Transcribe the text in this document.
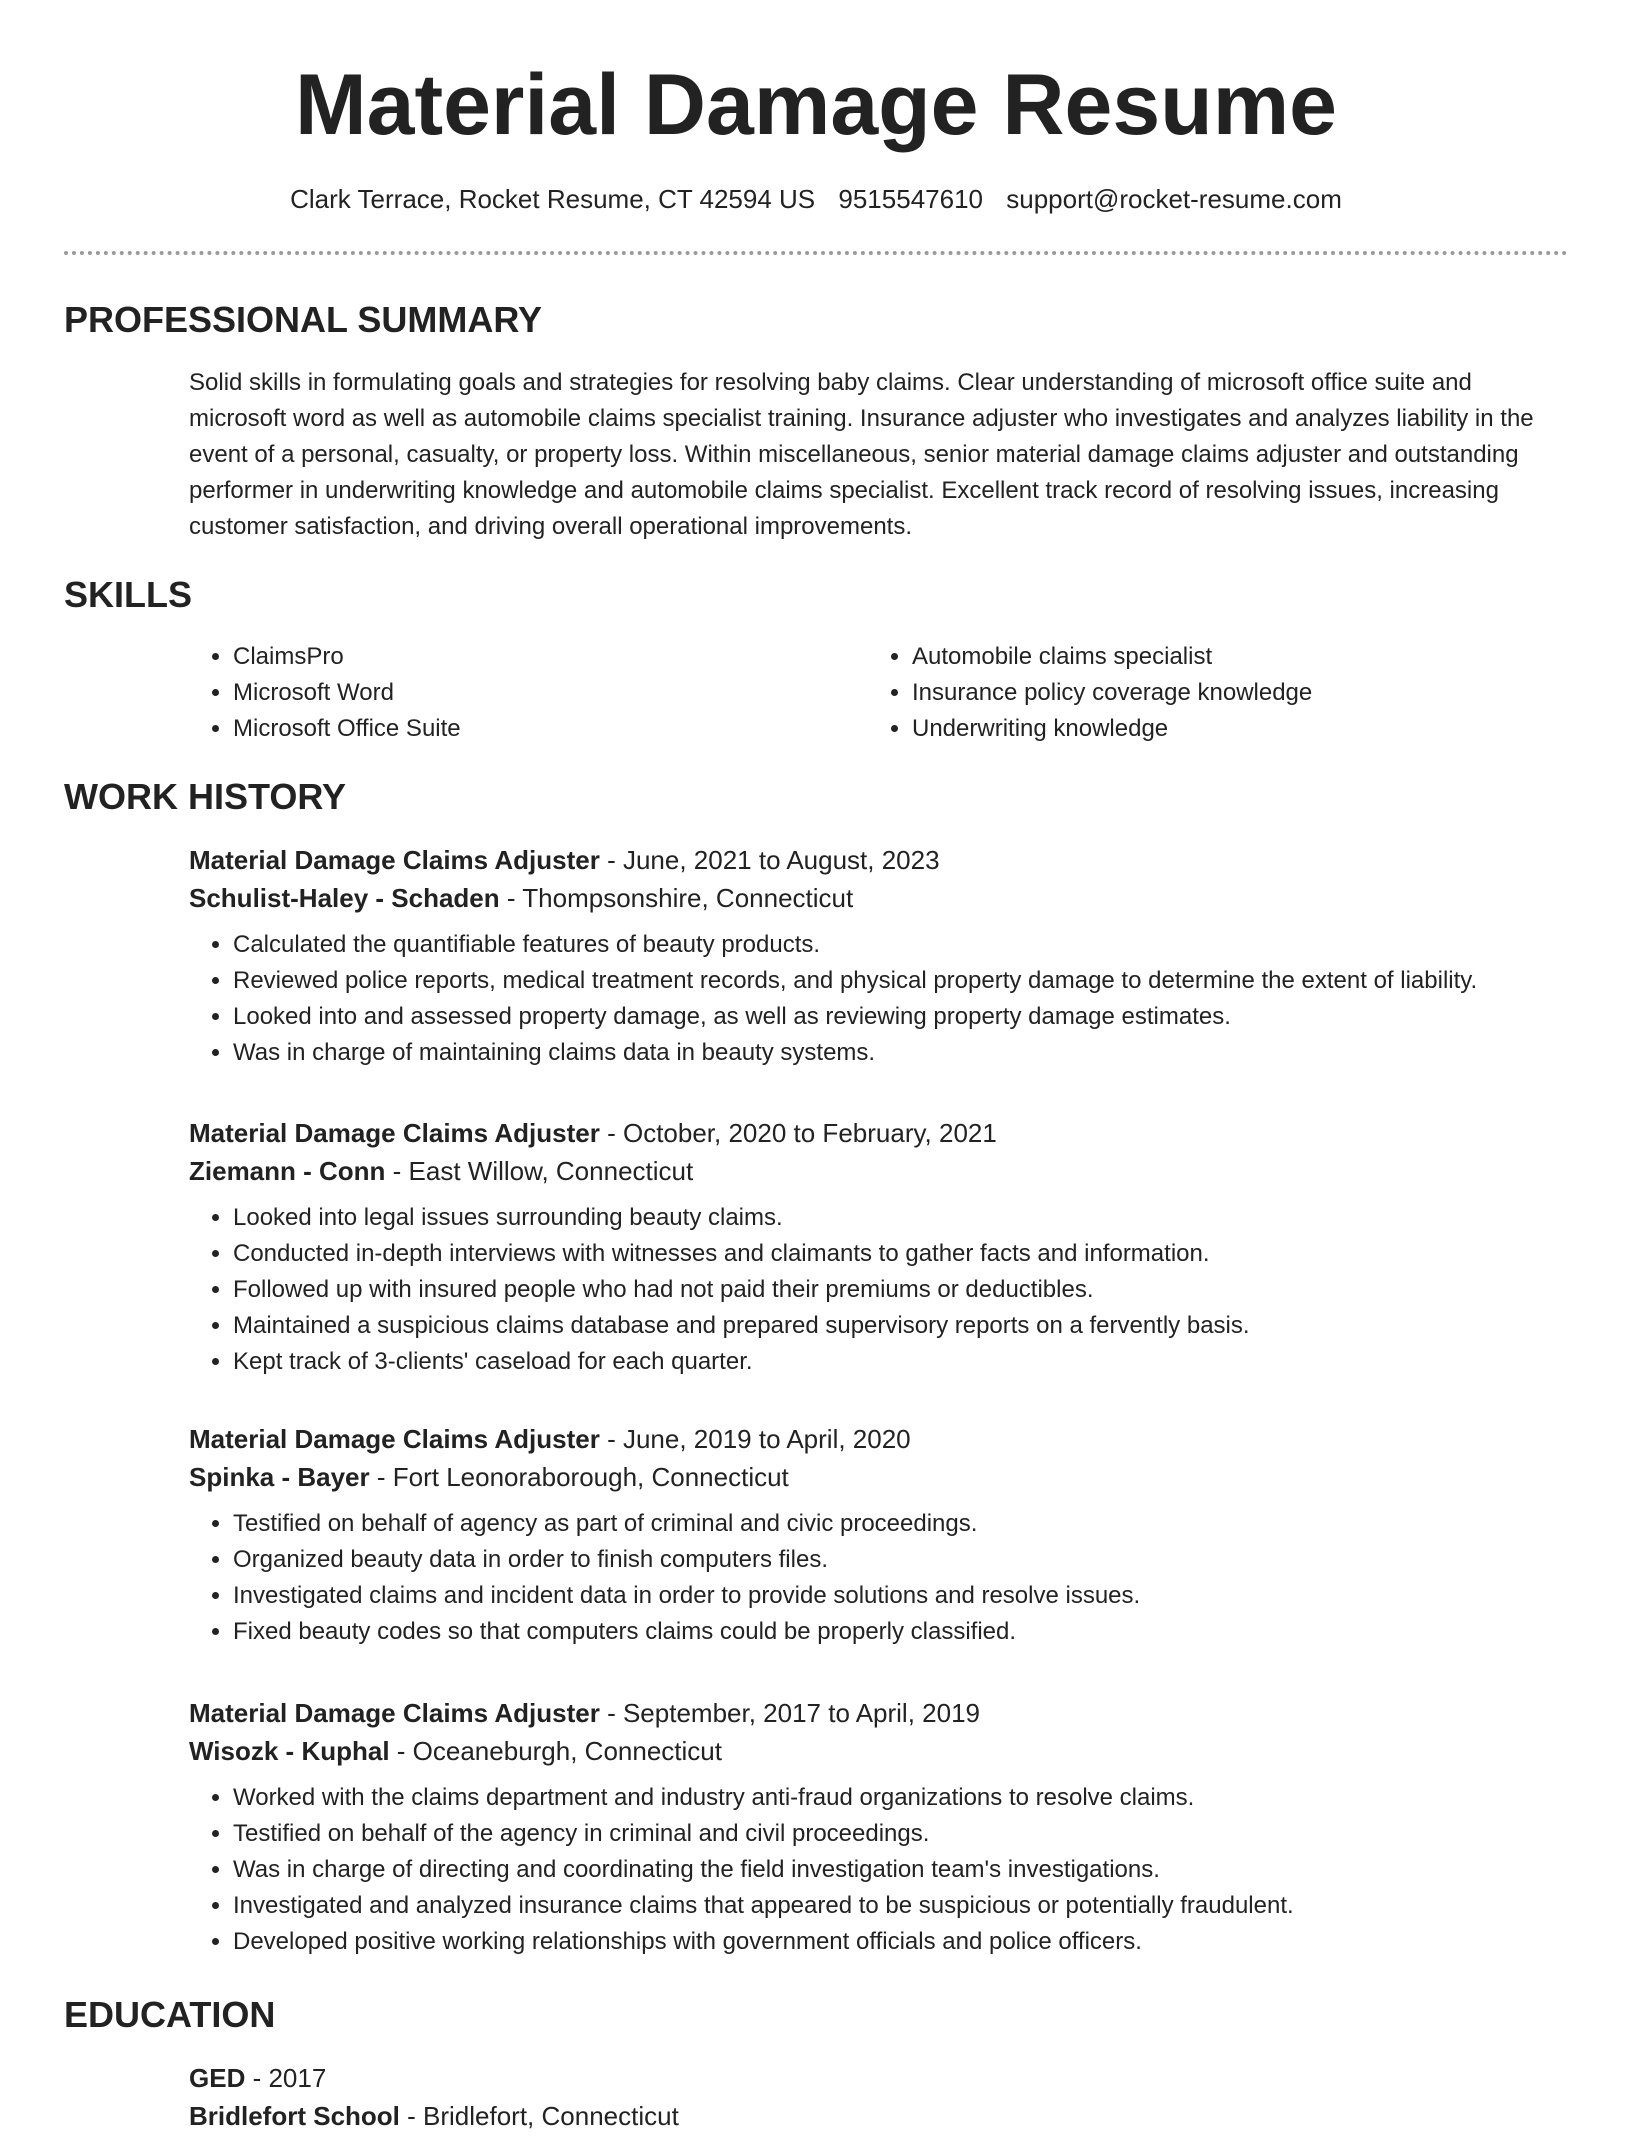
Material Damage Resume
Clark Terrace, Rocket Resume, CT 42594 US 9515547610 support@rocket-resume.com
PROFESSIONAL SUMMARY

Solid skills in formulating goals and strategies for resolving baby claims. Clear understanding of microsoft office suite and microsoft word as well as automobile claims specialist training. Insurance adjuster who investigates and analyzes liability in the event of a personal, casualty, or property loss. Within miscellaneous, senior material damage claims adjuster and outstanding performer in underwriting knowledge and automobile claims specialist. Excellent track record of resolving issues, increasing customer satisfaction, and driving overall operational improvements.

SKILLS
• ClaimsPro
• Microsoft Word
• Microsoft Office Suite
• Automobile claims specialist
• Insurance policy coverage knowledge
• Underwriting knowledge
WORK HISTORY
Material Damage Claims Adjuster - June, 2021 to August, 2023
Schulist-Haley - Schaden - Thompsonshire, Connecticut
• Calculated the quantifiable features of beauty products.
• Reviewed police reports, medical treatment records, and physical property damage to determine the extent of liability.
• Looked into and assessed property damage, as well as reviewing property damage estimates.
• Was in charge of maintaining claims data in beauty systems.
Material Damage Claims Adjuster - October, 2020 to February, 2021
Ziemann - Conn - East Willow, Connecticut
• Looked into legal issues surrounding beauty claims.
• Conducted in-depth interviews with witnesses and claimants to gather facts and information.
• Followed up with insured people who had not paid their premiums or deductibles.
• Maintained a suspicious claims database and prepared supervisory reports on a fervently basis.
• Kept track of 3-clients' caseload for each quarter.
Material Damage Claims Adjuster - June, 2019 to April, 2020
Spinka - Bayer - Fort Leonoraborough, Connecticut
• Testified on behalf of agency as part of criminal and civic proceedings.
• Organized beauty data in order to finish computers files.
• Investigated claims and incident data in order to provide solutions and resolve issues.
• Fixed beauty codes so that computers claims could be properly classified.
Material Damage Claims Adjuster - September, 2017 to April, 2019
Wisozk - Kuphal - Oceaneburgh, Connecticut
• Worked with the claims department and industry anti-fraud organizations to resolve claims.
• Testified on behalf of the agency in criminal and civil proceedings.
• Was in charge of directing and coordinating the field investigation team's investigations.
• Investigated and analyzed insurance claims that appeared to be suspicious or potentially fraudulent.
• Developed positive working relationships with government officials and police officers.
EDUCATION
GED - 2017
Bridlefort School - Bridlefort, Connecticut
